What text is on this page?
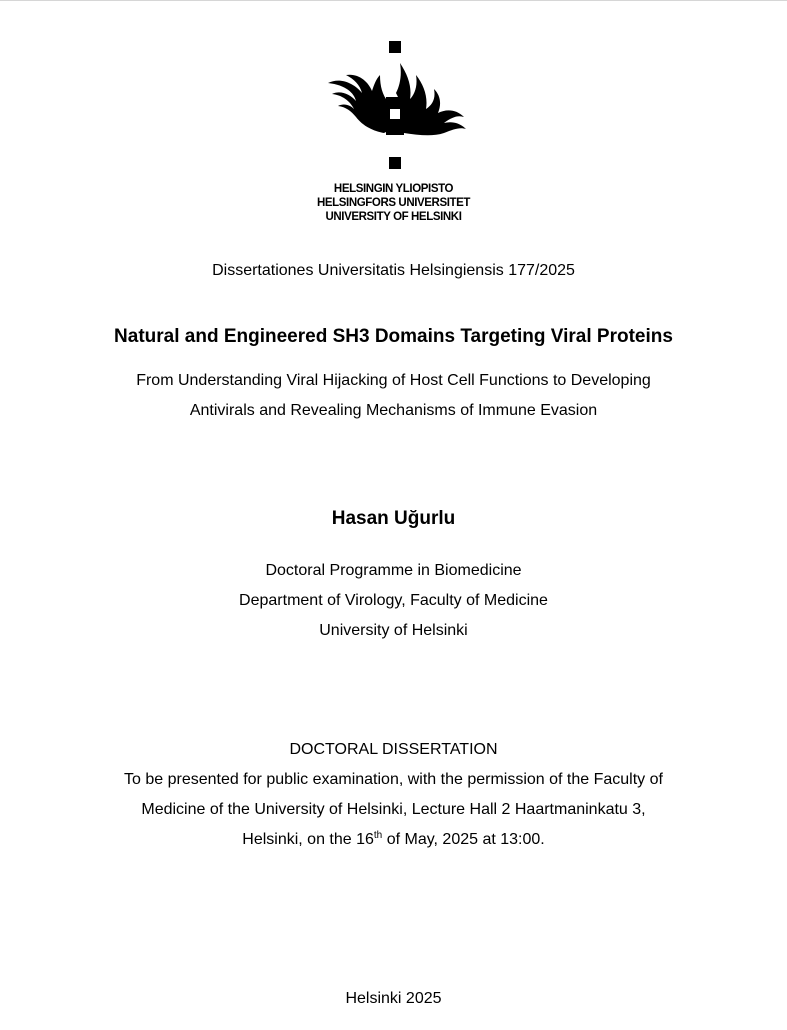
HELSINGIN YLIOPISTO
HELSINGFORS UNIVERSITET
UNIVERSITY OF HELSINKI
Dissertationes Universitatis Helsingiensis 177/2025
Natural and Engineered SH3 Domains Targeting Viral Proteins
From Understanding Viral Hijacking of Host Cell Functions to Developing
Antivirals and Revealing Mechanisms of Immune Evasion
Hasan Uğurlu
Doctoral Programme in Biomedicine
Department of Virology, Faculty of Medicine
University of Helsinki
DOCTORAL DISSERTATION
To be presented for public examination, with the permission of the Faculty of
Medicine of the University of Helsinki, Lecture Hall 2 Haartmaninkatu 3,
Helsinki, on the 16th of May, 2025 at 13:00.
Helsinki 2025
